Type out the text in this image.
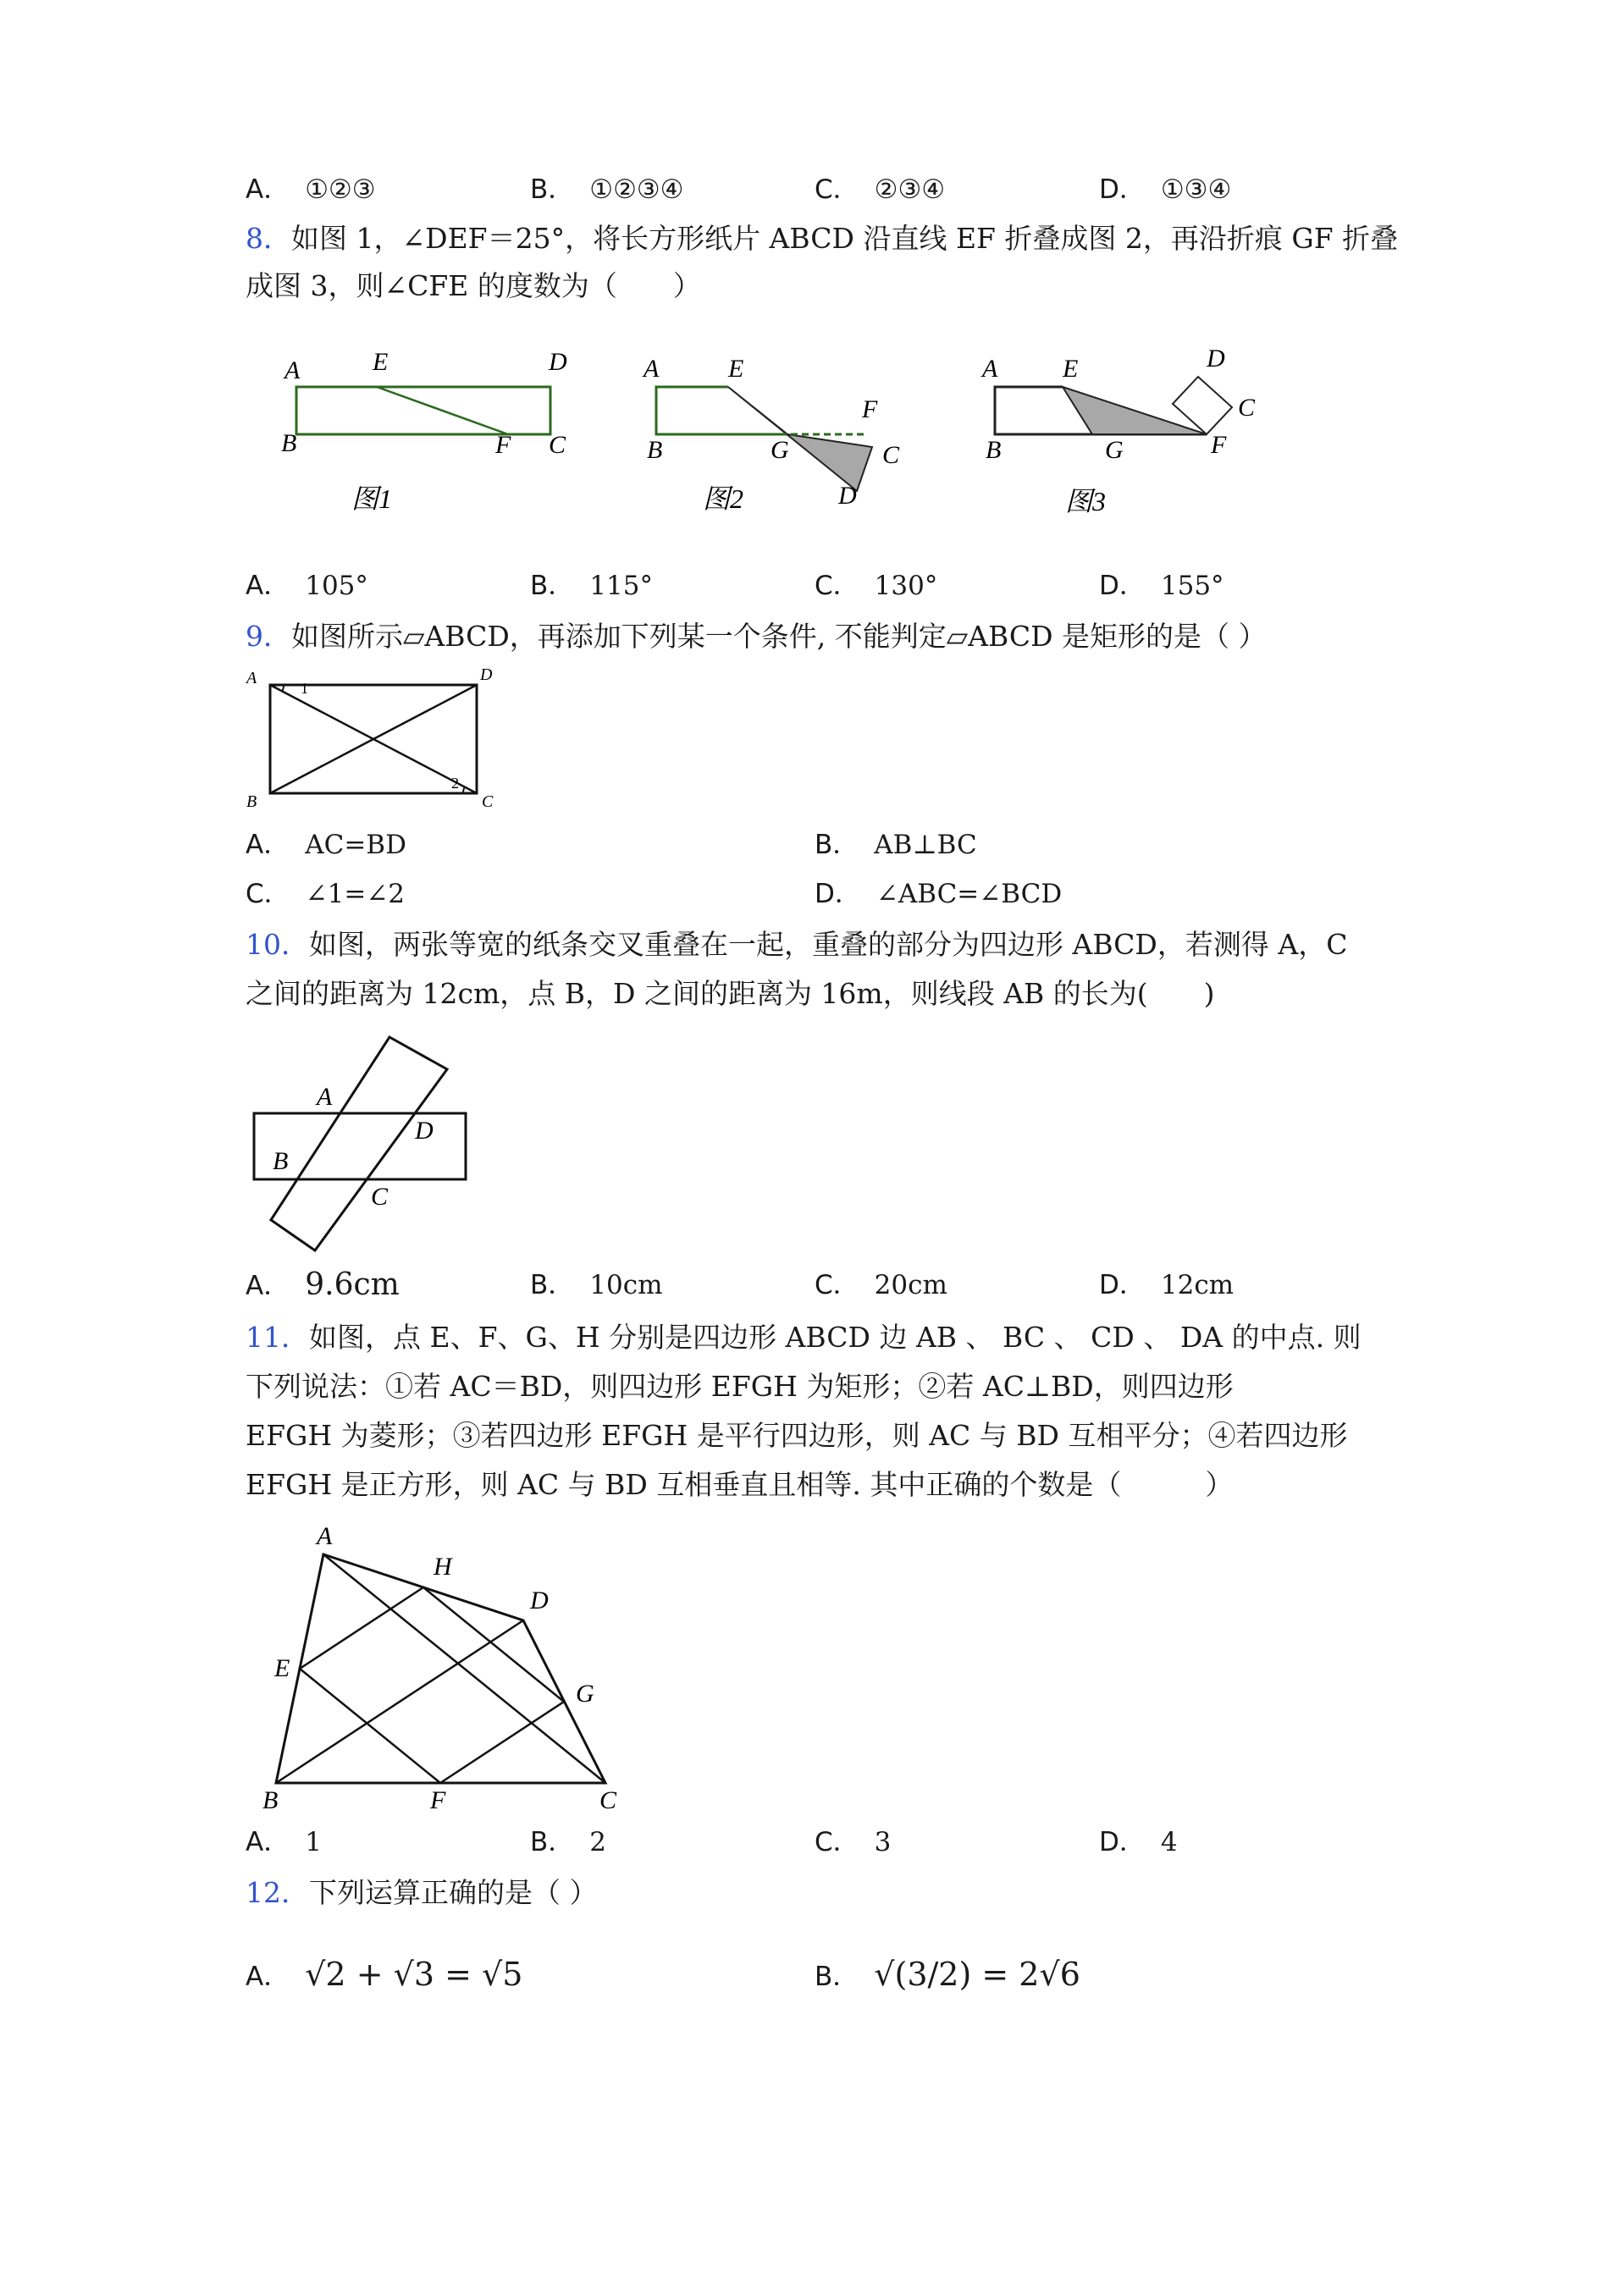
A． ①②③	B． ①②③④	C． ②③④	D． ①③④
8．如图 1，∠DEF＝25°，将长方形纸片 ABCD 沿直线 EF 折叠成图 2，再沿折痕 GF 折叠
成图 3，则∠CFE 的度数为（　　）
A	E	D
B	F C
图1
A	E
F
B	G	C
D
图2
A	E	D
C
B	G	F
图3
A． 105°	B． 115°	C． 130°	D． 155°
9．如图所示▱ABCD，再添加下列某一个条件, 不能判定▱ABCD 是矩形的是（ ）
A	D
B	C
1
2
A． AC=BD	B． AB⊥BC
C． ∠1=∠2	D． ∠ABC=∠BCD
10．如图，两张等宽的纸条交叉重叠在一起，重叠的部分为四边形 ABCD，若测得 A，C
之间的距离为 12cm，点 B，D 之间的距离为 16m，则线段 AB 的长为(　　)
A
B
D
C
A． 9.6cm	B． 10cm	C． 20cm	D． 12cm
11．如图，点 E、F、G、H 分别是四边形 ABCD 边 AB 、 BC 、 CD 、 DA 的中点. 则
下列说法：①若 AC＝BD，则四边形 EFGH 为矩形；②若 AC⊥BD，则四边形
EFGH 为菱形；③若四边形 EFGH 是平行四边形，则 AC 与 BD 互相平分；④若四边形
EFGH 是正方形，则 AC 与 BD 互相垂直且相等. 其中正确的个数是（　　　）
A
H
D
E
G
B	F	C
A． 1	B． 2	C． 3	D． 4
12．下列运算正确的是（ ）
A． √2 + √3 = √5	B． √(3/2) = 2√6
